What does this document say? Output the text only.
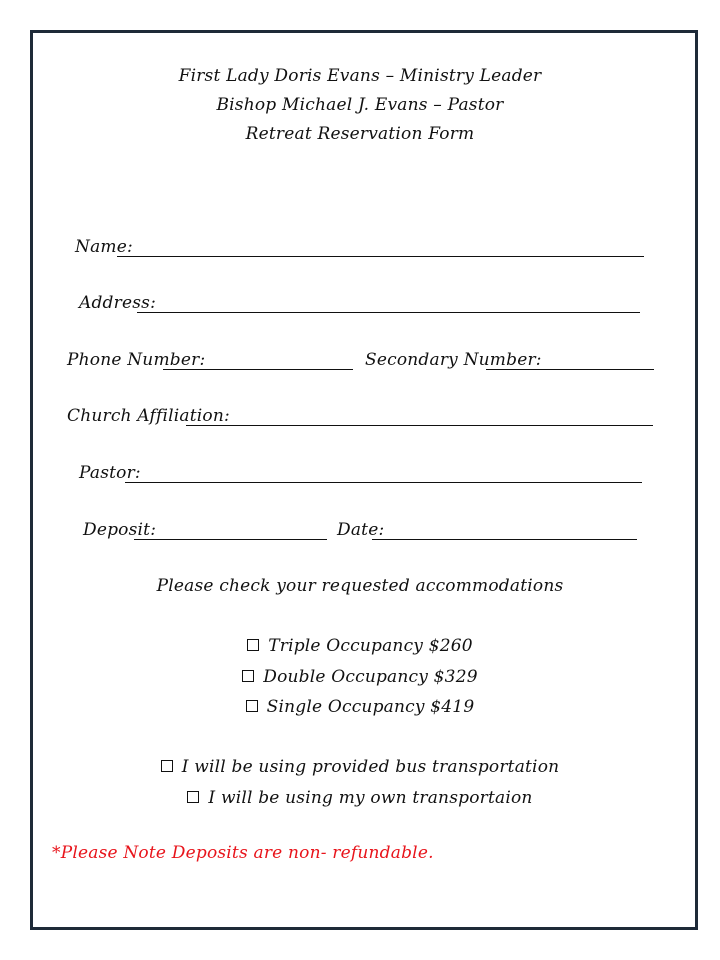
First Lady Doris Evans – Ministry Leader
Bishop Michael J. Evans – Pastor
Retreat Reservation Form
Name:
Address:
Phone Number:	Secondary Number:
Church Affiliation:
Pastor:
Deposit:	Date:
Please check your requested accommodations
Triple Occupancy $260
Double Occupancy $329
Single Occupancy $419
I will be using provided bus transportation
I will be using my own transportaion
*Please Note Deposits are non- refundable.
